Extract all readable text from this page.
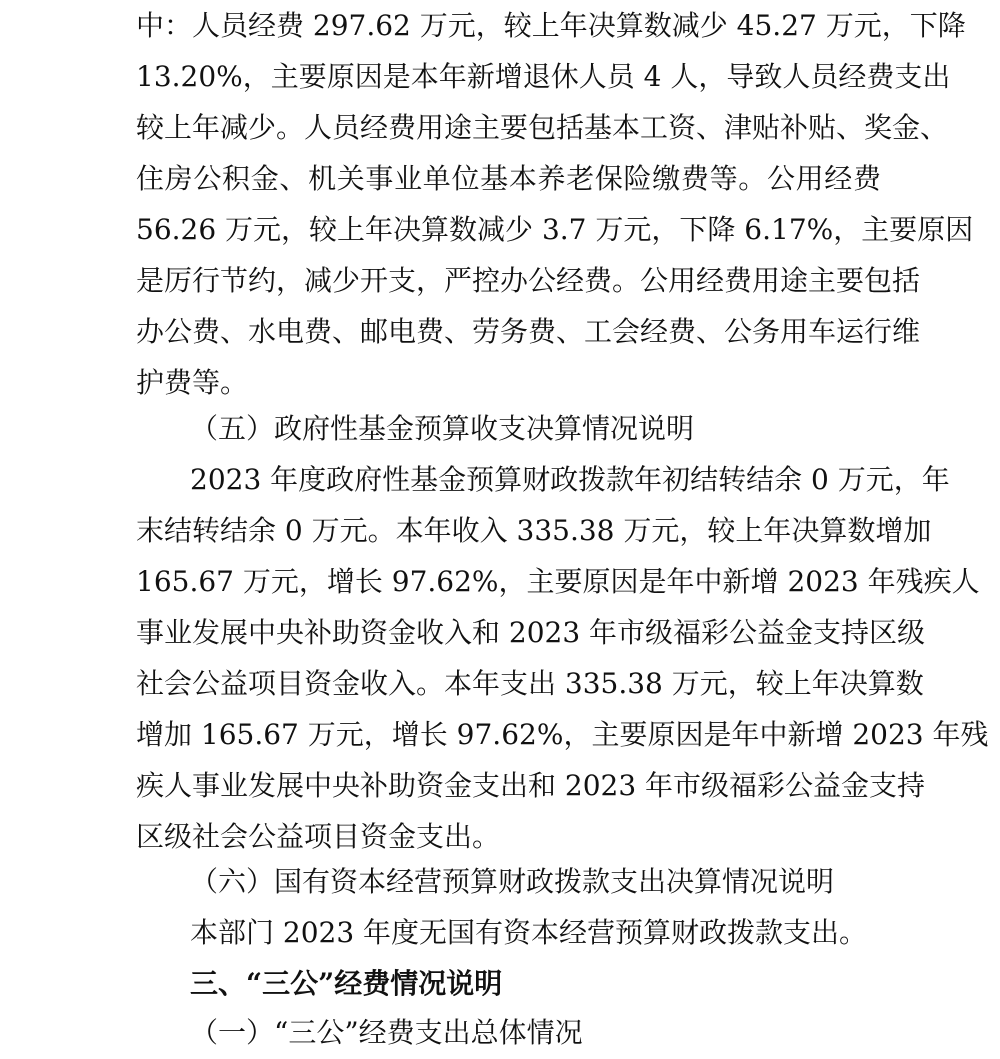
中：人员经费 297.62 万元，较上年决算数减少 45.27 万元，下降

13.20%，主要原因是本年新增退休人员 4 人，导致人员经费支出

较上年减少。人员经费用途主要包括基本工资、津贴补贴、奖金、

住房公积金、机关事业单位基本养老保险缴费等。公用经费

56.26 万元，较上年决算数减少 3.7 万元，下降 6.17%，主要原因

是厉行节约，减少开支，严控办公经费。公用经费用途主要包括

办公费、水电费、邮电费、劳务费、工会经费、公务用车运行维

护费等。

（五）政府性基金预算收支决算情况说明

2023 年度政府性基金预算财政拨款年初结转结余 0 万元，年

末结转结余 0 万元。本年收入 335.38 万元，较上年决算数增加

165.67 万元，增长 97.62%，主要原因是年中新增 2023 年残疾人

事业发展中央补助资金收入和 2023 年市级福彩公益金支持区级

社会公益项目资金收入。本年支出 335.38 万元，较上年决算数

增加 165.67 万元，增长 97.62%，主要原因是年中新增 2023 年残

疾人事业发展中央补助资金支出和 2023 年市级福彩公益金支持

区级社会公益项目资金支出。

（六）国有资本经营预算财政拨款支出决算情况说明

本部门 2023 年度无国有资本经营预算财政拨款支出。

三、“三公”经费情况说明

（一）“三公”经费支出总体情况
